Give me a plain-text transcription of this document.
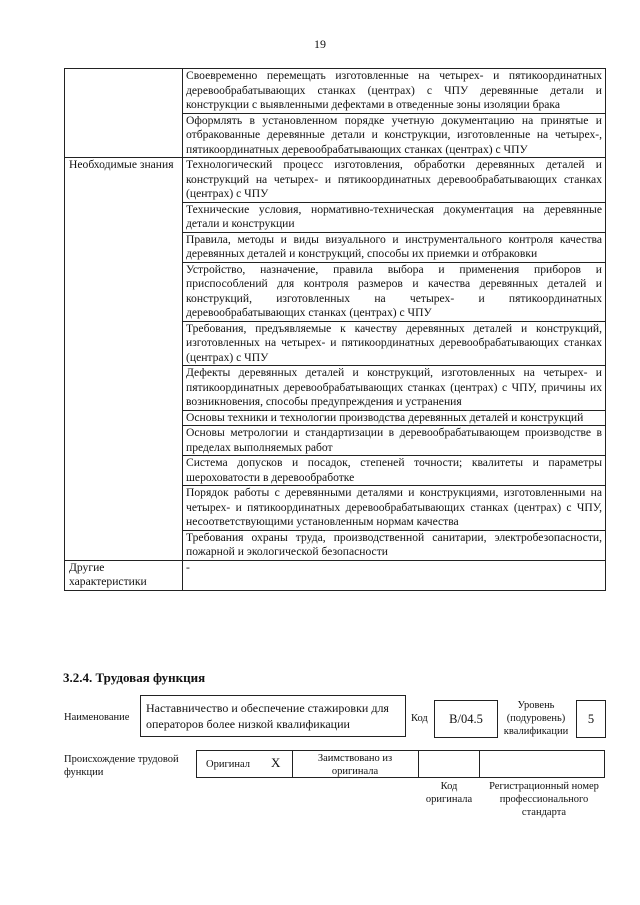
19
	Своевременно перемещать изготовленные на четырех- и пятикоординатных деревообрабатывающих станках (центрах) с ЧПУ деревянные детали и конструкции с выявленными дефектами в отведенные зоны изоляции брака
	Оформлять в установленном порядке учетную документацию на принятые и отбракованные деревянные детали и конструкции, изготовленные на четырех-, пятикоординатных деревообрабатывающих станках (центрах) с ЧПУ
Необходимые знания	Технологический процесс изготовления, обработки деревянных деталей и конструкций на четырех- и пятикоординатных деревообрабатывающих станках (центрах) с ЧПУ
	Технические условия, нормативно-техническая документация на деревянные детали и конструкции
	Правила, методы и виды визуального и инструментального контроля качества деревянных деталей и конструкций, способы их приемки и отбраковки
	Устройство, назначение, правила выбора и применения приборов и приспособлений для контроля размеров и качества деревянных деталей и конструкций, изготовленных на четырех- и пятикоординатных деревообрабатывающих станках (центрах) с ЧПУ
	Требования, предъявляемые к качеству деревянных деталей и конструкций, изготовленных на четырех- и пятикоординатных деревообрабатывающих станках (центрах) с ЧПУ
	Дефекты деревянных деталей и конструкций, изготовленных на четырех- и пятикоординатных деревообрабатывающих станках (центрах) с ЧПУ, причины их возникновения, способы предупреждения и устранения
	Основы техники и технологии производства деревянных деталей и конструкций
	Основы метрологии и стандартизации в деревообрабатывающем производстве в пределах выполняемых работ
	Система допусков и посадок, степеней точности; квалитеты и параметры шероховатости в деревообработке
	Порядок работы с деревянными деталями и конструкциями, изготовленными на четырех- и пятикоординатных деревообрабатывающих станках (центрах) с ЧПУ, несоответствующими установленным нормам качества
	Требования охраны труда, производственной санитарии, электробезопасности, пожарной и экологической безопасности
Другие характеристики	-
3.2.4. Трудовая функция
Наименование
Наставничество и обеспечение стажировки для операторов более низкой квалификации	Код	В/04.5
Уровень (подуровень) квалификации
5
Происхождение трудовой функции
Оригинал X	Заимствовано из оригинала
Код оригинала
Регистрационный номер профессионального стандарта
